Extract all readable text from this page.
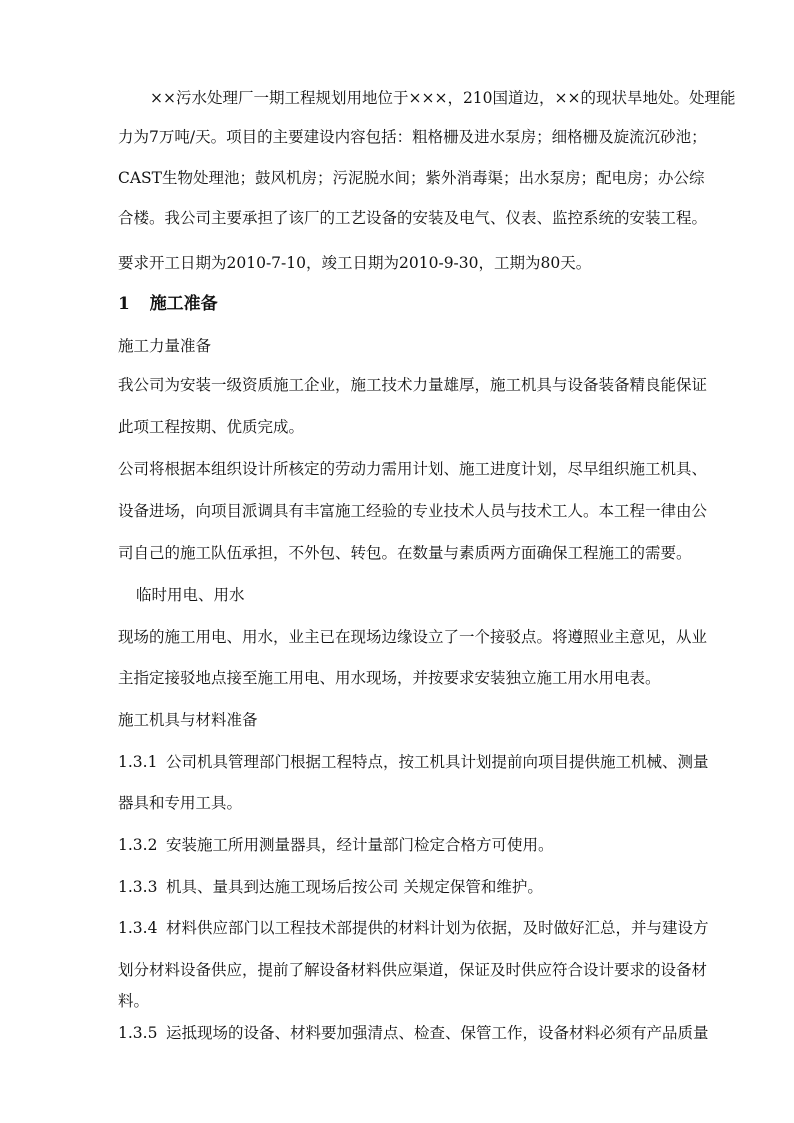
××污水处理厂一期工程规划用地位于×××，210国道边，××的现状旱地处。处理能
力为7万吨/天。项目的主要建设内容包括：粗格栅及进水泵房；细格栅及旋流沉砂池；
CAST生物处理池；鼓风机房；污泥脱水间；紫外消毒渠；出水泵房；配电房；办公综
合楼。我公司主要承担了该厂的工艺设备的安装及电气、仪表、监控系统的安装工程。
要求开工日期为2010-7-10，竣工日期为2010-9-30，工期为80天。
1 施工准备
施工力量准备
我公司为安装一级资质施工企业，施工技术力量雄厚，施工机具与设备装备精良能保证
此项工程按期、优质完成。
公司将根据本组织设计所核定的劳动力需用计划、施工进度计划，尽早组织施工机具、
设备进场，向项目派调具有丰富施工经验的专业技术人员与技术工人。本工程一律由公
司自己的施工队伍承担，不外包、转包。在数量与素质两方面确保工程施工的需要。
临时用电、用水
现场的施工用电、用水，业主已在现场边缘设立了一个接驳点。将遵照业主意见，从业
主指定接驳地点接至施工用电、用水现场，并按要求安装独立施工用水用电表。
施工机具与材料准备
1.3.1 公司机具管理部门根据工程特点，按工机具计划提前向项目提供施工机械、测量
器具和专用工具。
1.3.2 安装施工所用测量器具，经计量部门检定合格方可使用。
1.3.3 机具、量具到达施工现场后按公司 关规定保管和维护。
1.3.4 材料供应部门以工程技术部提供的材料计划为依据，及时做好汇总，并与建设方
划分材料设备供应，提前了解设备材料供应渠道，保证及时供应符合设计要求的设备材
料。
1.3.5 运抵现场的设备、材料要加强清点、检查、保管工作，设备材料必须有产品质量
